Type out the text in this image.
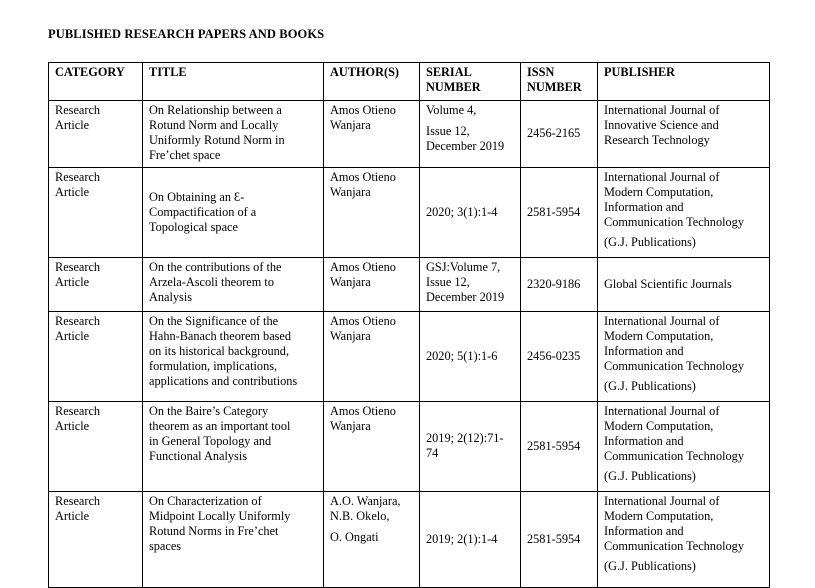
PUBLISHED RESEARCH PAPERS AND BOOKS
CATEGORY	TITLE	AUTHOR(S)	SERIAL NUMBER	ISSN NUMBER	PUBLISHER

Research
Article	On Relationship between a
Rotund Norm and Locally
Uniformly Rotund Norm in
Fre’chet space	Amos Otieno
Wanjara	Volume 4,
Issue 12,
December 2019	2456-2165	International Journal of
Innovative Science and
Research Technology

Research
Article	On Obtaining an Ɛ-
Compactification of a
Topological space	Amos Otieno
Wanjara	2020; 3(1):1-4	2581-5954	International Journal of
Modern Computation,
Information and
Communication Technology
(G.J. Publications)

Research
Article	On the contributions of the
Arzela-Ascoli theorem to
Analysis	Amos Otieno
Wanjara	GSJ:Volume 7,
Issue 12,
December 2019	2320-9186	Global Scientific Journals

Research
Article	On the Significance of the
Hahn-Banach theorem based
on its historical background,
formulation, implications,
applications and contributions	Amos Otieno
Wanjara	2020; 5(1):1-6	2456-0235	International Journal of
Modern Computation,
Information and
Communication Technology
(G.J. Publications)

Research
Article	On the Baire’s Category
theorem as an important tool
in General Topology and
Functional Analysis	Amos Otieno
Wanjara	2019; 2(12):71-
74	2581-5954	International Journal of
Modern Computation,
Information and
Communication Technology
(G.J. Publications)

Research
Article	On Characterization of
Midpoint Locally Uniformly
Rotund Norms in Fre’chet
spaces	A.O. Wanjara,
N.B. Okelo,
O. Ongati	2019; 2(1):1-4	2581-5954	International Journal of
Modern Computation,
Information and
Communication Technology
(G.J. Publications)
